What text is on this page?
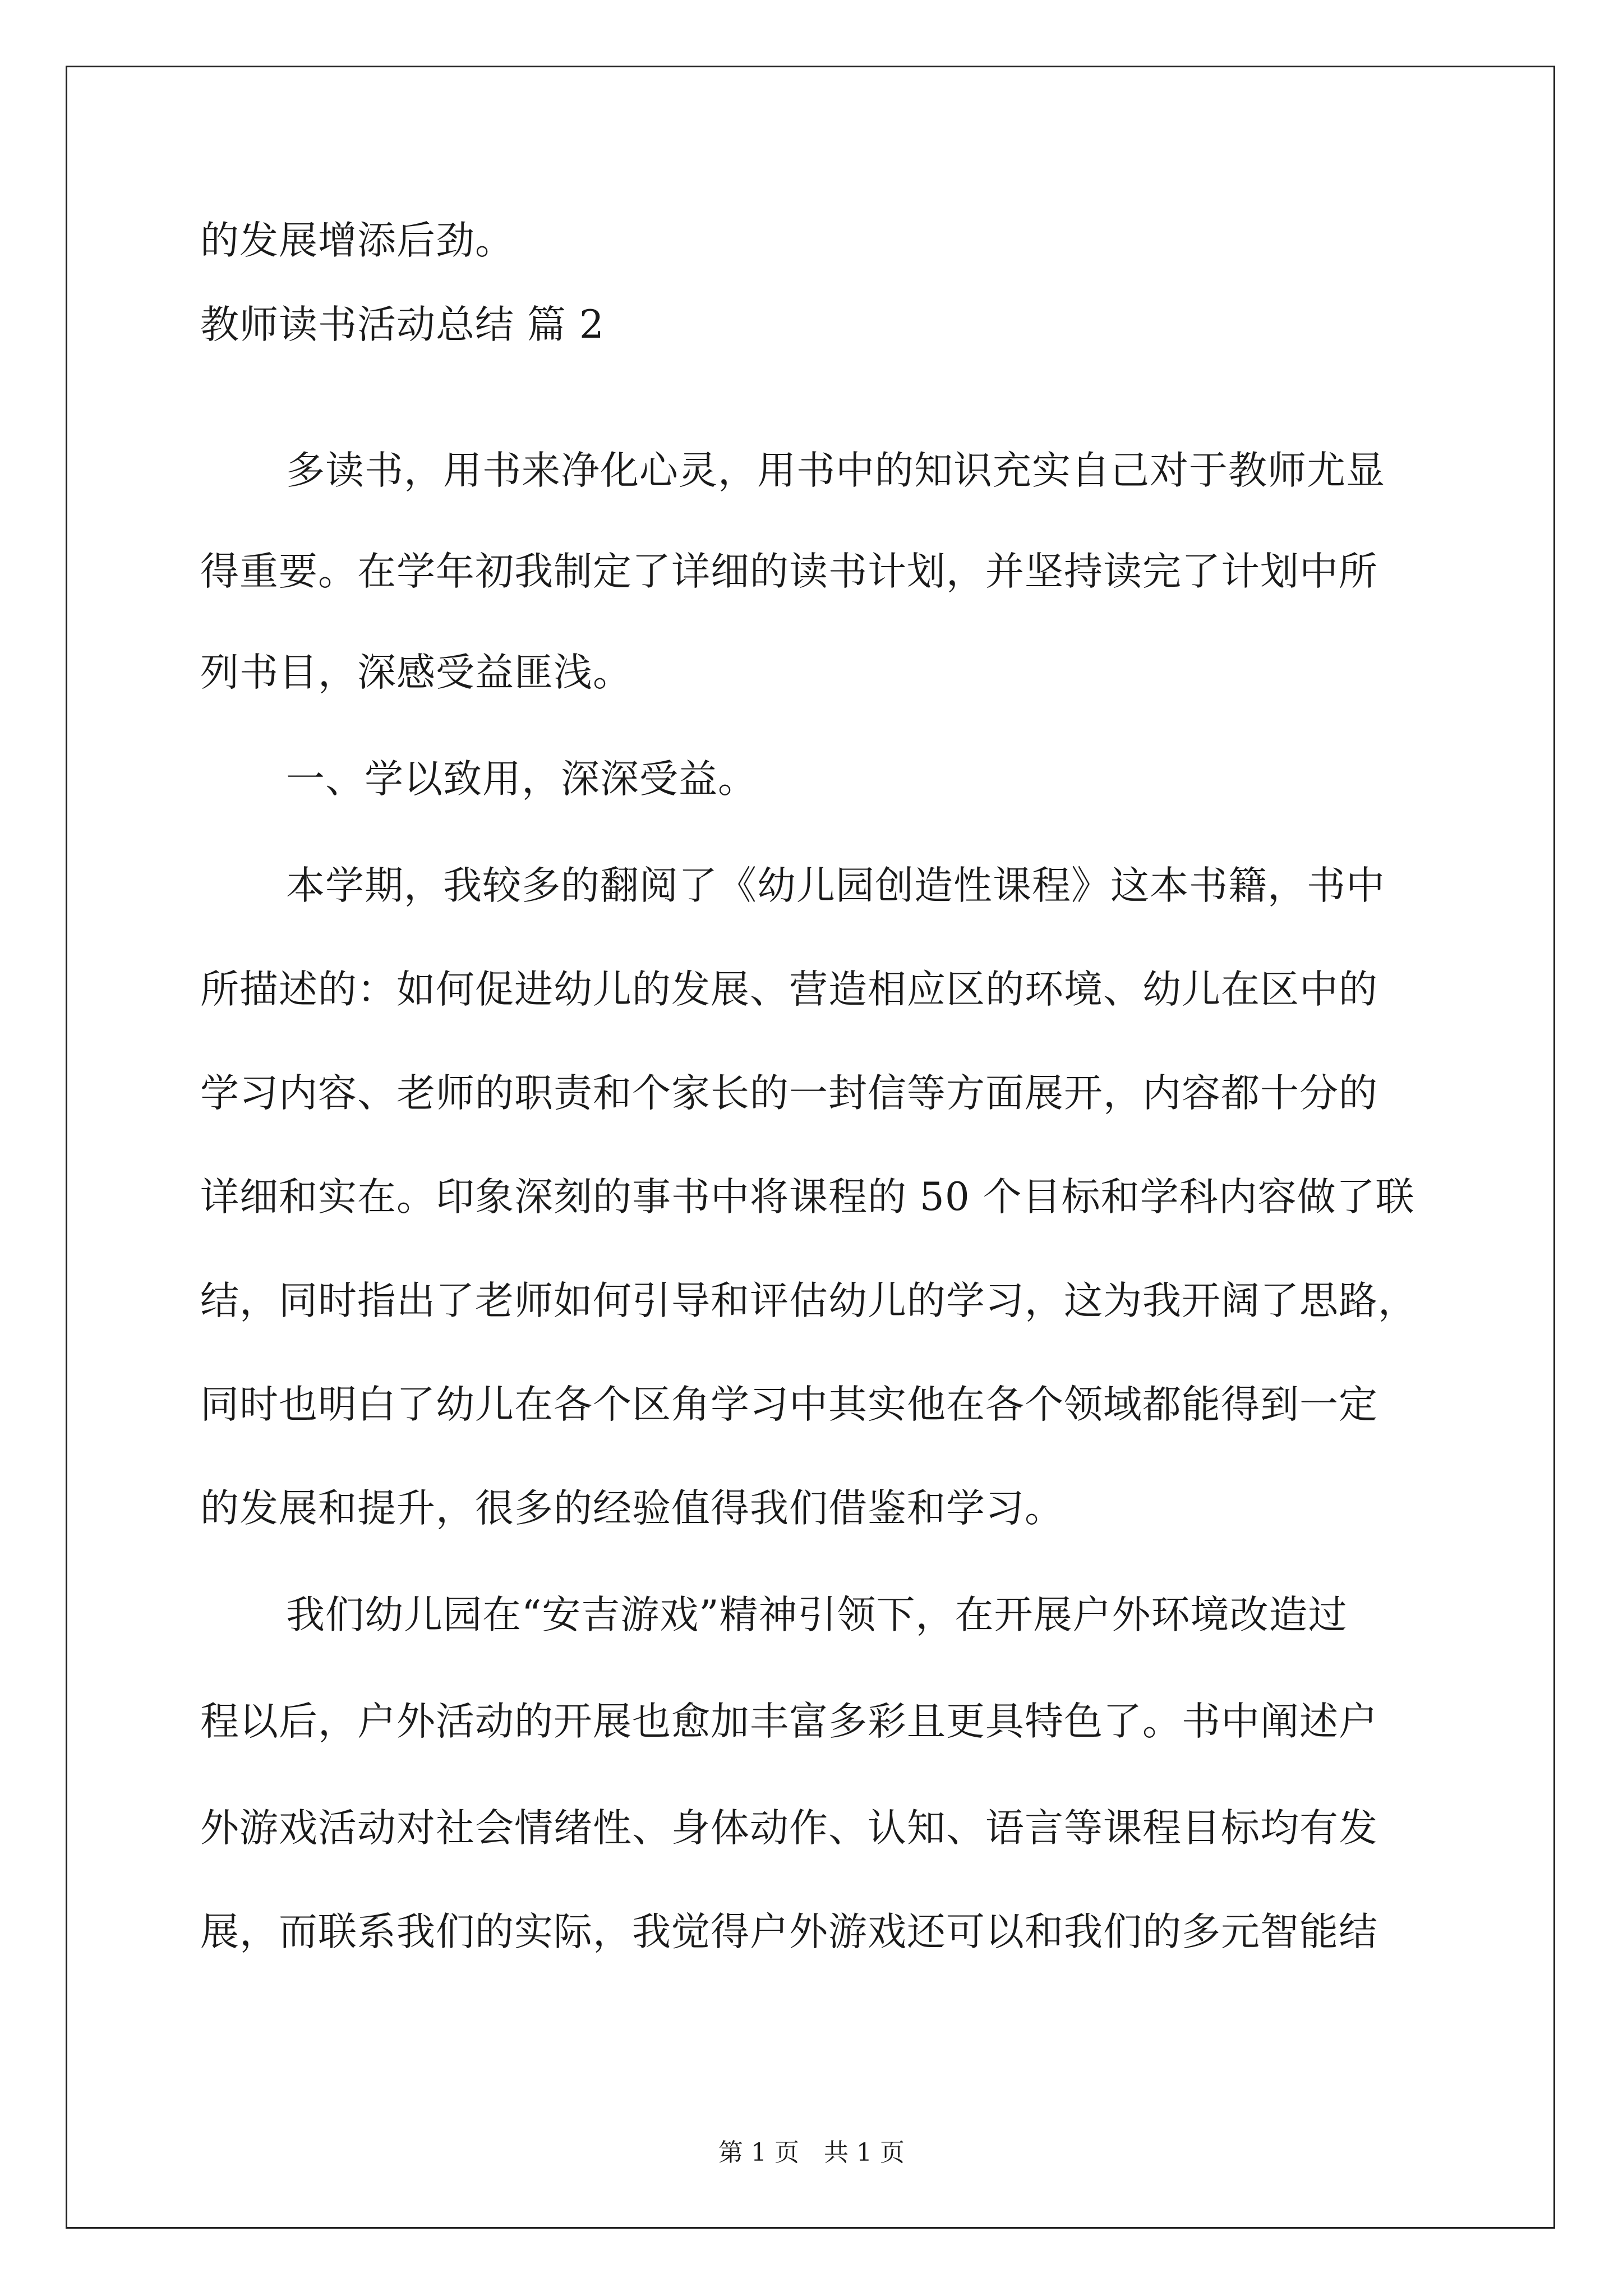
的发展增添后劲。
教师读书活动总结 篇 2
多读书，用书来净化心灵，用书中的知识充实自己对于教师尤显
得重要。在学年初我制定了详细的读书计划，并坚持读完了计划中所
列书目，深感受益匪浅。
一、学以致用，深深受益。
本学期，我较多的翻阅了《幼儿园创造性课程》这本书籍，书中
所描述的：如何促进幼儿的发展、营造相应区的环境、幼儿在区中的
学习内容、老师的职责和个家长的一封信等方面展开，内容都十分的
详细和实在。印象深刻的事书中将课程的 50 个目标和学科内容做了联
结，同时指出了老师如何引导和评估幼儿的学习，这为我开阔了思路，
同时也明白了幼儿在各个区角学习中其实他在各个领域都能得到一定
的发展和提升，很多的经验值得我们借鉴和学习。
我们幼儿园在“安吉游戏”精神引领下，在开展户外环境改造过
程以后，户外活动的开展也愈加丰富多彩且更具特色了。书中阐述户
外游戏活动对社会情绪性、身体动作、认知、语言等课程目标均有发
展，而联系我们的实际，我觉得户外游戏还可以和我们的多元智能结
第 1 页　共 1 页
